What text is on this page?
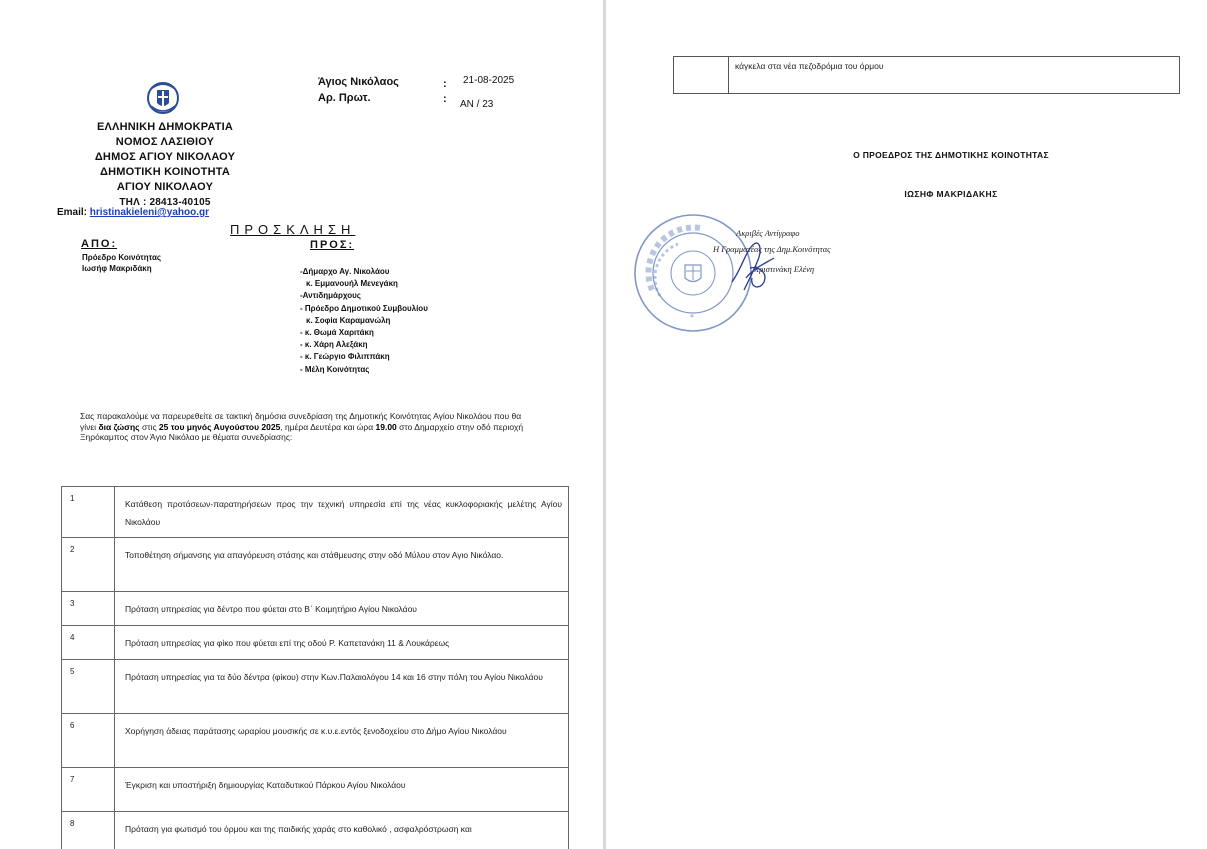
ΕΛΛΗΝΙΚΗ ΔΗΜΟΚΡΑΤΙΑ
ΝΟΜΟΣ ΛΑΣΙΘΙΟΥ
ΔΗΜΟΣ ΑΓΙΟΥ ΝΙΚΟΛΑΟΥ
ΔΗΜΟΤΙΚΗ ΚΟΙΝΟΤΗΤΑ
ΑΓΙΟΥ ΝΙΚΟΛΑΟΥ
ΤΗΛ : 28413-40105
Email: hristinakieleni@yahoo.gr
Άγιος Νικόλαος
Αρ. Πρωτ.
:
:
21-08-2025
ΑΝ / 23
ΠΡΟΣΚΛΗΣΗ
ΑΠΟ:
Πρόεδρο Κοινότητας
Ιωσήφ Μακριδάκη
ΠΡΟΣ:
-Δήμαρχο Αγ. Νικολάου
κ. Εμμανουήλ Μενεγάκη
-Αντιδημάρχους
- Πρόεδρο Δημοτικού Συμβουλίου
κ. Σοφία Καραμανώλη
- κ. Θωμά Χαριτάκη
- κ. Χάρη Αλεξάκη
- κ. Γεώργιο Φιλιππάκη
- Μέλη Κοινότητας
Σας παρακαλούμε να παρευρεθείτε σε τακτική δημόσια συνεδρίαση της Δημοτικής Κοινότητας Αγίου Νικολάου που θα γίνει δια ζώσης στις 25 του μηνός Αυγούστου 2025, ημέρα Δευτέρα και ώρα 19.00 στο Δημαρχείο στην οδό περιοχή Ξηρόκαμπος στον Άγιο Νικόλαο με θέματα συνεδρίασης:
1	Κατάθεση προτάσεων-παρατηρήσεων προς την τεχνική υπηρεσία επί της νέας κυκλοφοριακής μελέτης Αγίου Νικολάου
2	Τοποθέτηση σήμανσης για απαγόρευση στάσης και στάθμευσης στην οδό Μύλου στον Αγιο Νικόλαο.
3	Πρόταση υπηρεσίας για δέντρο που φύεται στο Β΄ Κοιμητήριο Αγίου Νικολάου
4	Πρόταση υπηρεσίας για φίκο που φύεται επί της οδού Ρ. Καπετανάκη 11 & Λουκάρεως
5	Πρόταση υπηρεσίας για τα δύο δέντρα (φίκου) στην Κων.Παλαιολόγου 14 και 16 στην πόλη του Αγίου Νικολάου
6	Χορήγηση άδειας παράτασης ωραρίου μουσικής σε κ.υ.ε.εντός ξενοδοχείου στο Δήμο Αγίου Νικολάου
7	Έγκριση και υποστήριξη δημιουργίας Καταδυτικού Πάρκου Αγίου Νικολάου
8	Πρόταση για φωτισμό του όρμου και της παιδικής χαράς στο καθολικό , ασφαλρόστρωση και
	κάγκελα στα νέα πεζοδρόμια του όρμου
Ο ΠΡΟΕΔΡΟΣ ΤΗΣ ΔΗΜΟΤΙΚΗΣ ΚΟΙΝΟΤΗΤΑΣ
ΙΩΣΗΦ ΜΑΚΡΙΔΑΚΗΣ
*
Ακριβές Αντίγραφο
Η Γραμματέας της Δημ.Κοινότητας
Χριστινάκη Ελένη
